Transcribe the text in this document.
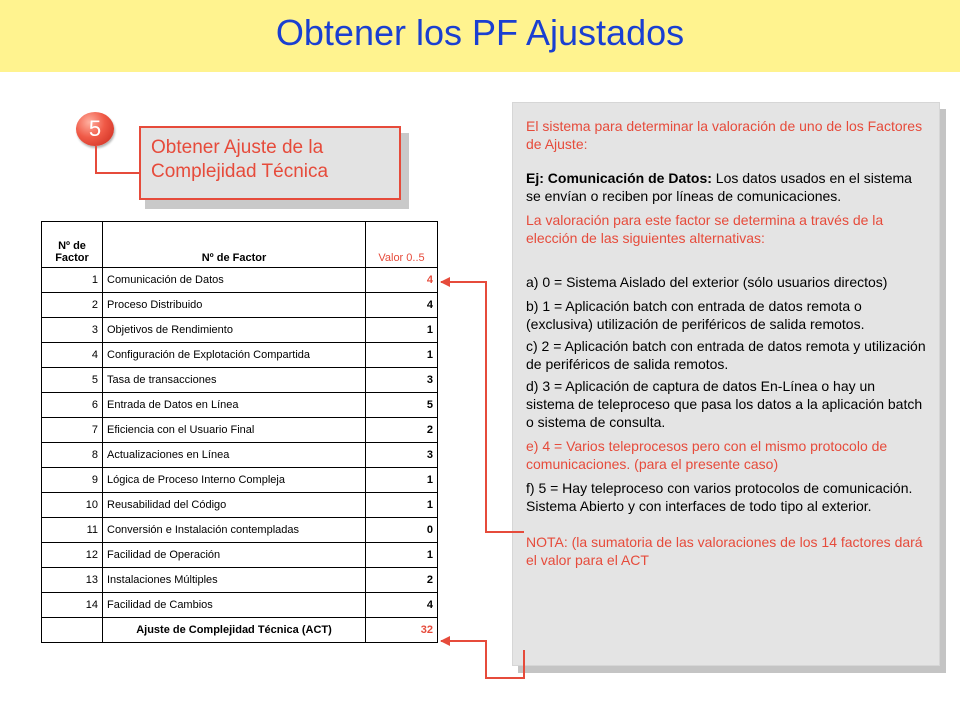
Obtener los PF Ajustados
5
Obtener Ajuste de la
Complejidad Técnica
Nº de
Factor	Nº de Factor	Valor 0..5
1	Comunicación de Datos	4
2	Proceso Distribuido	4
3	Objetivos de Rendimiento	1
4	Configuración de Explotación Compartida	1
5	Tasa de transacciones	3
6	Entrada de Datos en Línea	5
7	Eficiencia con el Usuario Final	2
8	Actualizaciones en Línea	3
9	Lógica de Proceso Interno Compleja	1
10	Reusabilidad del Código	1
11	Conversión e Instalación contempladas	0
12	Facilidad de Operación	1
13	Instalaciones Múltiples	2
14	Facilidad de Cambios	4
	Ajuste de Complejidad Técnica (ACT)	32

El sistema para determinar la valoración de uno de los Factores de Ajuste:

Ej: Comunicación de Datos: Los datos usados en el sistema se envían o reciben por líneas de comunicaciones.

La valoración para este factor se determina a través de la elección de las siguientes alternativas:

a) 0 = Sistema Aislado del exterior (sólo usuarios directos)

b) 1 = Aplicación batch con entrada de datos remota o (exclusiva) utilización de periféricos de salida remotos.

c) 2 = Aplicación batch con entrada de datos remota y utilización de periféricos de salida remotos.

d) 3 = Aplicación de captura de datos En-Línea o hay un sistema de teleproceso que pasa los datos a la aplicación batch o sistema de consulta.

e) 4 = Varios teleprocesos pero con el mismo protocolo de comunicaciones. (para el presente caso)

f) 5 = Hay teleproceso con varios protocolos de comunicación. Sistema Abierto y con interfaces de todo tipo al exterior.

NOTA: (la sumatoria de las valoraciones de los 14 factores dará el valor para el ACT
